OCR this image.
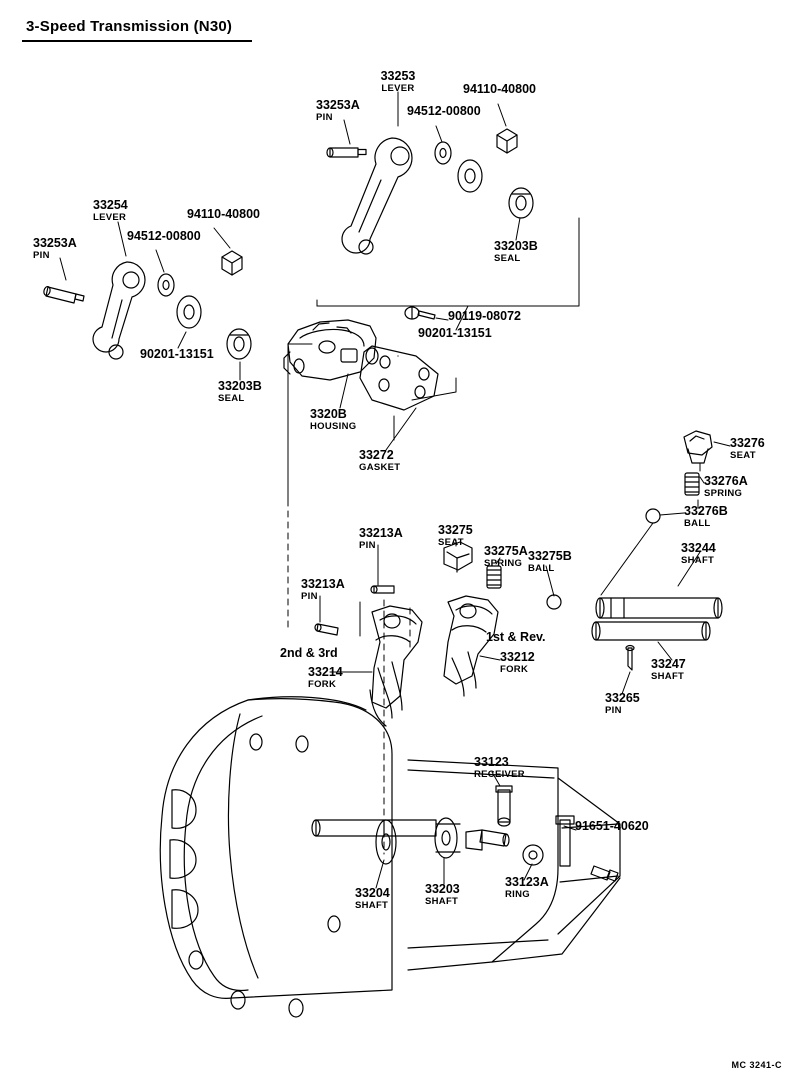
3-Speed Transmission (N30)
33253
LEVER
33253A
PIN	94512-00800
94110-40800
90201-13151
33203B
SEAL
33254
LEVER
94512-00800
94110-40800
33253A
PIN
90201-13151
33203B
SEAL
90119-08072
3320B
HOUSING
33272
GASKET
33276
SEAT
33276A
SPRING
33276B
BALL
33244
SHAFT
33247
SHAFT
33265
PIN
33275
SEAT
33275A
SPRING 33275B
BALL
33213A
PIN
33213A
PIN
33214
FORK
33212
FORK
33123
RECEIVER
91651-40620
33204
SHAFT
33203
SHAFT
33123A
RING
2nd & 3rd
1st & Rev.
MC 3241-C
